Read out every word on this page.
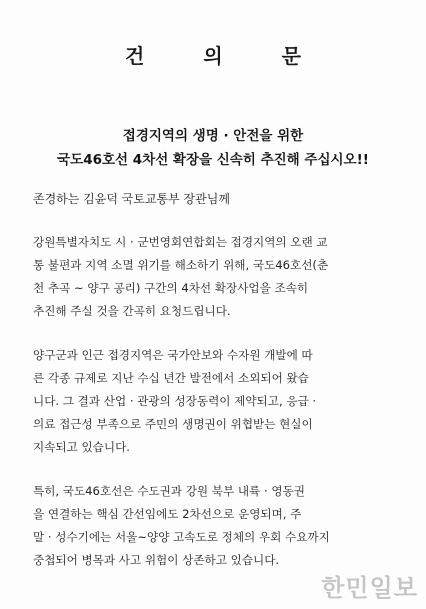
건 의 문
접경지역의 생명 · 안전을 위한
국도46호선 4차선 확장을 신속히 추진해 주십시오!!
존경하는 김윤덕 국토교통부 장관님께
강원특별자치도 시 · 군번영회연합회는 접경지역의 오랜 교
통 불편과 지역 소멸 위기를 해소하기 위해, 국도46호선(춘
천 추곡 ~ 양구 공리) 구간의 4차선 확장사업을 조속히
추진해 주실 것을 간곡히 요청드립니다.
양구군과 인근 접경지역은 국가안보와 수자원 개발에 따
른 각종 규제로 지난 수십 년간 발전에서 소외되어 왔습
니다. 그 결과 산업 · 관광의 성장동력이 제약되고, 응급 ·
의료 접근성 부족으로 주민의 생명권이 위협받는 현실이
지속되고 있습니다.
특히, 국도46호선은 수도권과 강원 북부 내륙 · 영동권
을 연결하는 핵심 간선임에도 2차선으로 운영되며, 주
말 · 성수기에는 서울~양양 고속도로 정체의 우회 수요까지
중첩되어 병목과 사고 위험이 상존하고 있습니다.
한민일보
